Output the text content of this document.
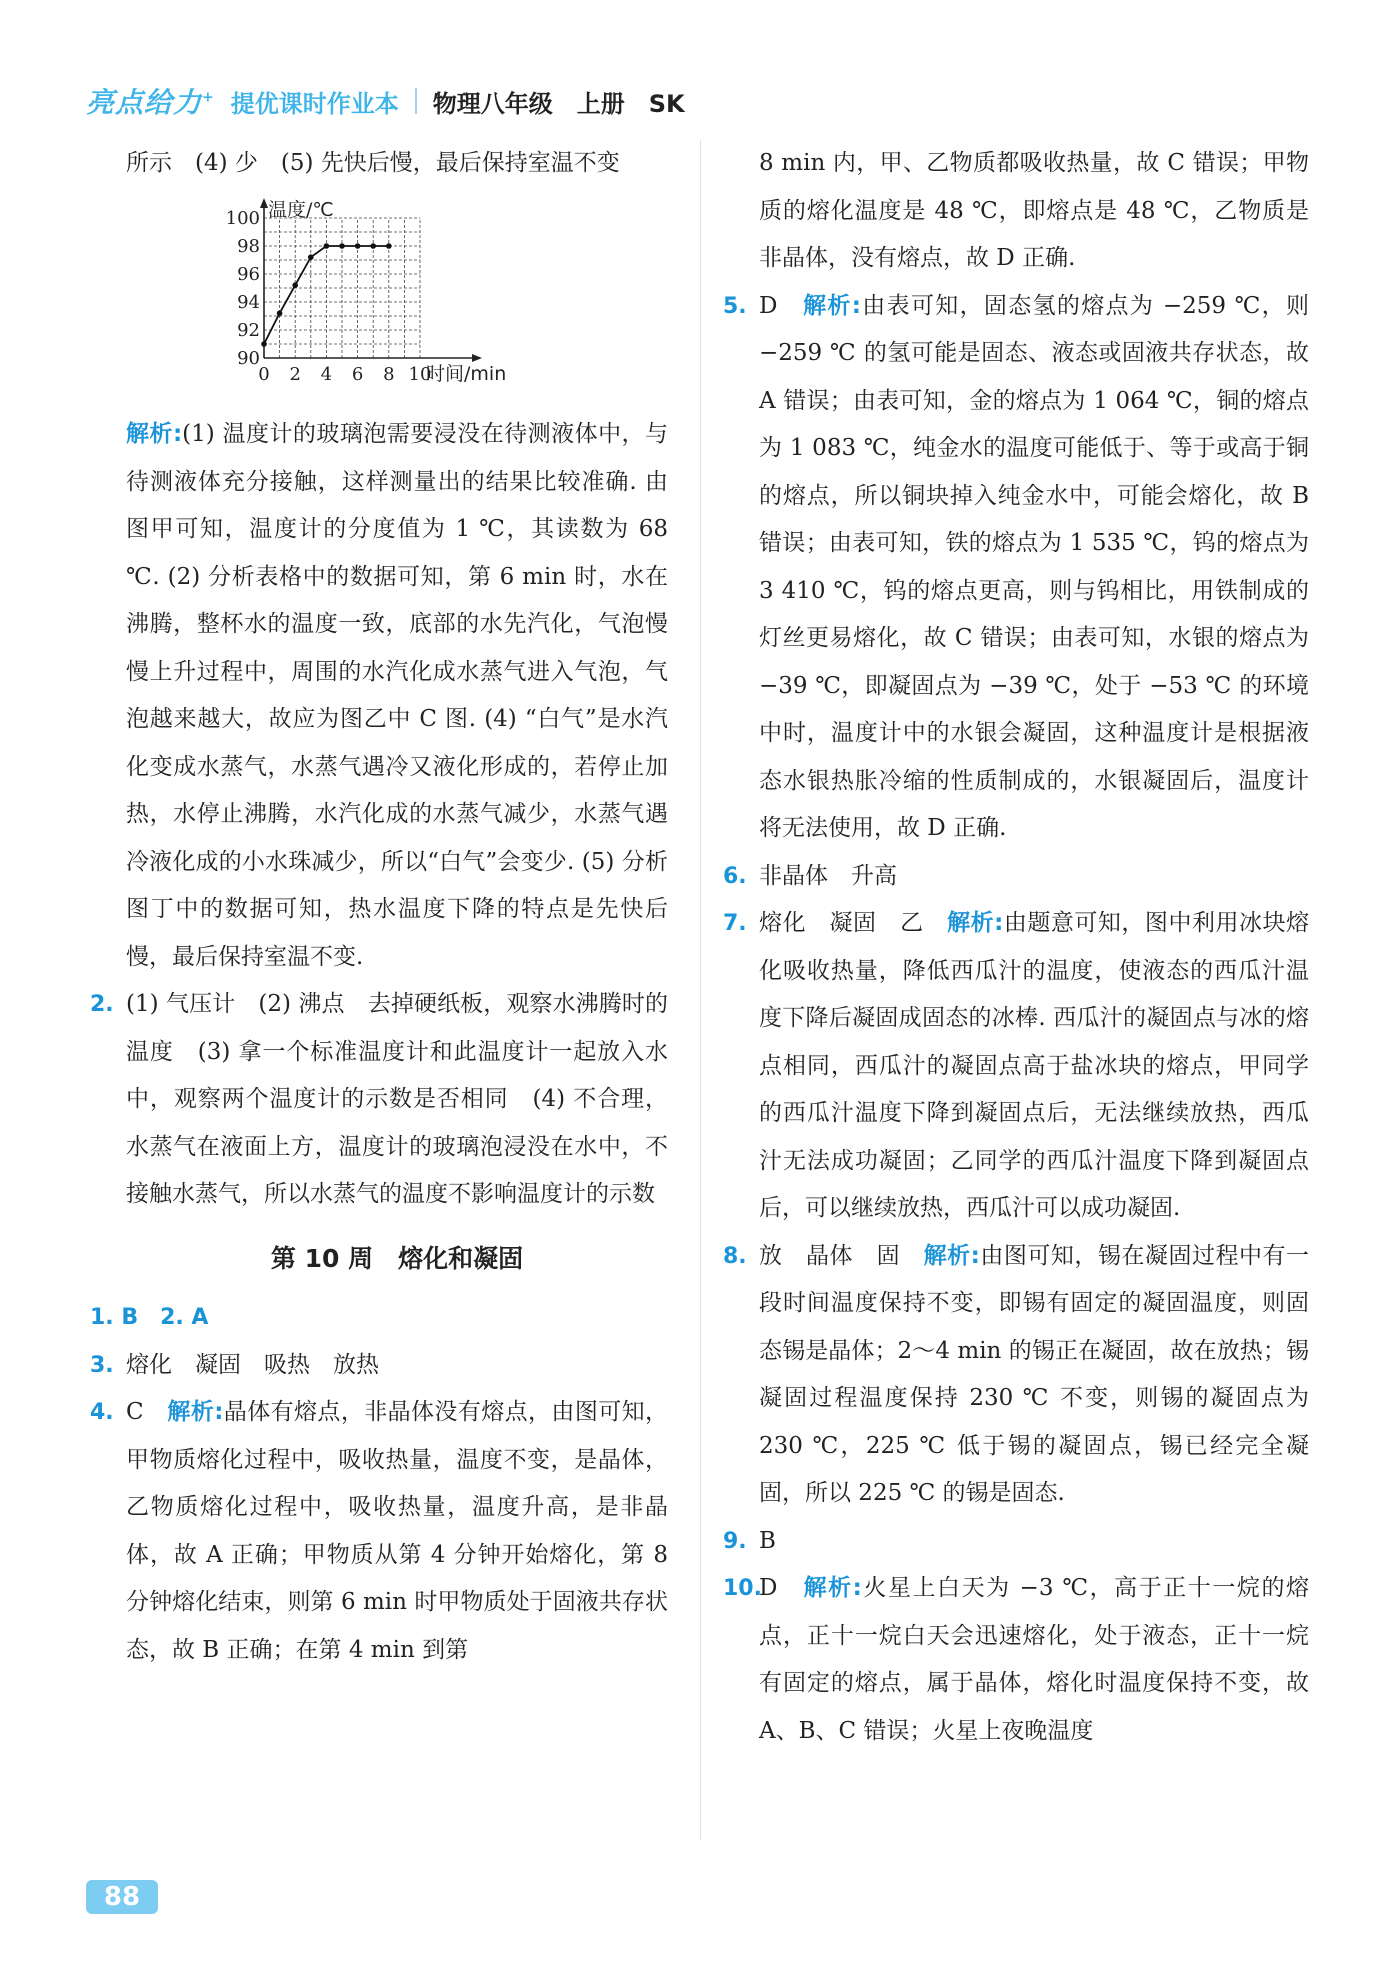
亮点给力+ 提优课时作业本 物理八年级　上册　SK

所示　(4) 少　(5) 先快后慢，最后保持室温不变

0 2 4 6 8 10
90
92
94
96
98
100 温度/℃
时间/min

解析:(1) 温度计的玻璃泡需要浸没在待测液体中，与待测液体充分接触，这样测量出的结果比较准确. 由图甲可知，温度计的分度值为 1 ℃，其读数为 68 ℃. (2) 分析表格中的数据可知，第 6 min 时，水在沸腾，整杯水的温度一致，底部的水先汽化，气泡慢慢上升过程中，周围的水汽化成水蒸气进入气泡，气泡越来越大，故应为图乙中 C 图. (4) “白气”是水汽化变成水蒸气，水蒸气遇冷又液化形成的，若停止加热，水停止沸腾，水汽化成的水蒸气减少，水蒸气遇冷液化成的小水珠减少，所以“白气”会变少. (5) 分析图丁中的数据可知，热水温度下降的特点是先快后慢，最后保持室温不变.

2. (1) 气压计　(2) 沸点　去掉硬纸板，观察水沸腾时的温度　(3) 拿一个标准温度计和此温度计一起放入水中，观察两个温度计的示数是否相同　(4) 不合理，水蒸气在液面上方，温度计的玻璃泡浸没在水中，不接触水蒸气，所以水蒸气的温度不影响温度计的示数
第 10 周　熔化和凝固

1. B　2. A

3. 熔化　凝固　吸热　放热
4. C　 解析:晶体有熔点，非晶体没有熔点，由图可知，甲物质熔化过程中，吸收热量，温度不变，是晶体，乙物质熔化过程中，吸收热量，温度升高，是非晶体，故 A 正确；甲物质从第 4 分钟开始熔化，第 8 分钟熔化结束，则第 6 min 时甲物质处于固液共存状态，故 B 正确；在第 4 min 到第

8 min 内，甲、乙物质都吸收热量，故 C 错误；甲物质的熔化温度是 48 ℃，即熔点是 48 ℃，乙物质是非晶体，没有熔点，故 D 正确.

5. D　 解析:由表可知，固态氢的熔点为 −259 ℃，则 −259 ℃ 的氢可能是固态、液态或固液共存状态，故 A 错误；由表可知，金的熔点为 1 064 ℃，铜的熔点为 1 083 ℃，纯金水的温度可能低于、等于或高于铜的熔点，所以铜块掉入纯金水中，可能会熔化，故 B 错误；由表可知，铁的熔点为 1 535 ℃，钨的熔点为 3 410 ℃，钨的熔点更高，则与钨相比，用铁制成的灯丝更易熔化，故 C 错误；由表可知，水银的熔点为 −39 ℃，即凝固点为 −39 ℃，处于 −53 ℃ 的环境中时，温度计中的水银会凝固，这种温度计是根据液态水银热胀冷缩的性质制成的，水银凝固后，温度计将无法使用，故 D 正确.
6. 非晶体　升高
7. 熔化　凝固　乙　 解析:由题意可知，图中利用冰块熔化吸收热量，降低西瓜汁的温度，使液态的西瓜汁温度下降后凝固成固态的冰棒. 西瓜汁的凝固点与冰的熔点相同，西瓜汁的凝固点高于盐冰块的熔点，甲同学的西瓜汁温度下降到凝固点后，无法继续放热，西瓜汁无法成功凝固；乙同学的西瓜汁温度下降到凝固点后，可以继续放热，西瓜汁可以成功凝固.
8. 放　晶体　固　 解析:由图可知，锡在凝固过程中有一段时间温度保持不变，即锡有固定的凝固温度，则固态锡是晶体；2～4 min 的锡正在凝固，故在放热；锡凝固过程温度保持 230 ℃ 不变，则锡的凝固点为 230 ℃，225 ℃ 低于锡的凝固点，锡已经完全凝固，所以 225 ℃ 的锡是固态.
9. B
10.
D　 解析:火星上白天为 −3 ℃，高于正十一烷的熔点，正十一烷白天会迅速熔化，处于液态，正十一烷有固定的熔点，属于晶体，熔化时温度保持不变，故 A、B、C 错误；火星上夜晚温度
88
